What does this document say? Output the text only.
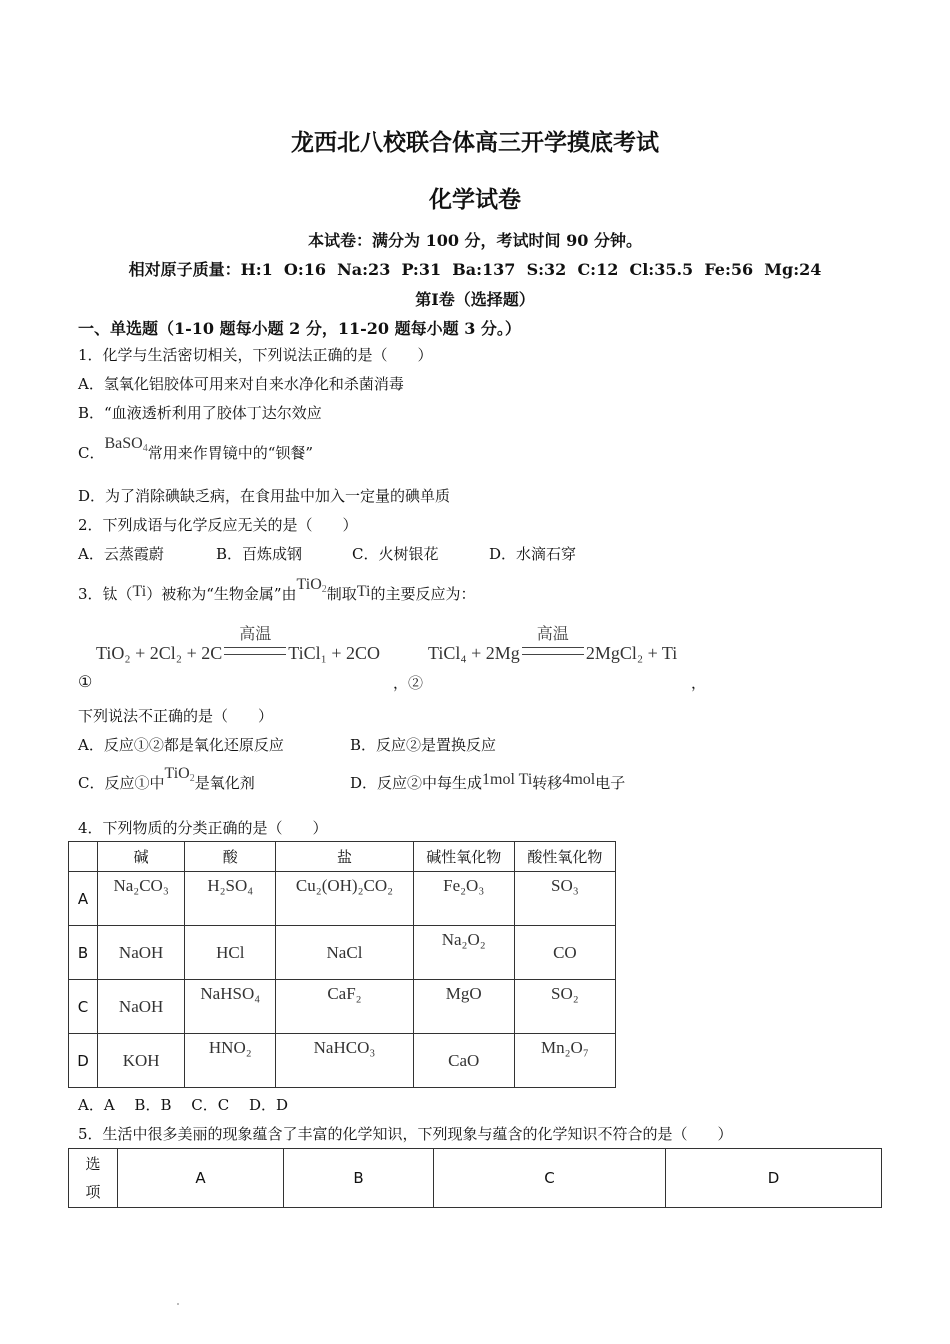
龙西北八校联合体高三开学摸底考试
化学试卷
本试卷：满分为 100 分，考试时间 90 分钟。
相对原子质量：H:1  O:16  Na:23  P:31  Ba:137  S:32  C:12  Cl:35.5  Fe:56  Mg:24
第Ⅰ卷（选择题）
一、单选题（1-10 题每小题 2 分，11-20 题每小题 3 分。）
1．化学与生活密切相关，下列说法正确的是（　　）
A．氢氧化铝胶体可用来对自来水净化和杀菌消毒
B．“血液透析利用了胶体丁达尔效应
C．BaSO$_4$常用来作胃镜中的“钡餐”
D．为了消除碘缺乏病，在食用盐中加入一定量的碘单质
2．下列成语与化学反应无关的是（　　）
A．云蒸霞蔚	B．百炼成钢	C．火树银花	D．水滴石穿
3．钛（Ti）被称为“生物金属”由TiO$_2$制取Ti的主要反应为：
TiO₂ + 2Cl₂ + 2C
高温
TiCl₁ + 2CO	TiCl₄ + 2Mg
高温
2MgCl₂ + Ti
①	，②	，
下列说法不正确的是（　　）
A．反应①②都是氧化还原反应	B．反应②是置换反应
C．反应①中TiO$_2$是氧化剂	D．反应②中每生成1mol Ti转移4mol电子
4．下列物质的分类正确的是（　　）
	碱	酸	盐	碱性氧化物	酸性氧化物
A	Na₂CO₃	H₂SO₄	Cu₂(OH)₂CO₂	Fe₂O₃	SO₃
B	NaOH	HCl	NaCl	Na₂O₂	CO
C	NaOH	NaHSO₄	CaF₂	MgO	SO₂
D	KOH	HNO₂	NaHCO₃	CaO	Mn₂O₇
A．A　 B．B　 C．C　 D．D
5．生活中很多美丽的现象蕴含了丰富的化学知识，下列现象与蕴含的化学知识不符合的是（　　）
选
项
	A	B	C	D
